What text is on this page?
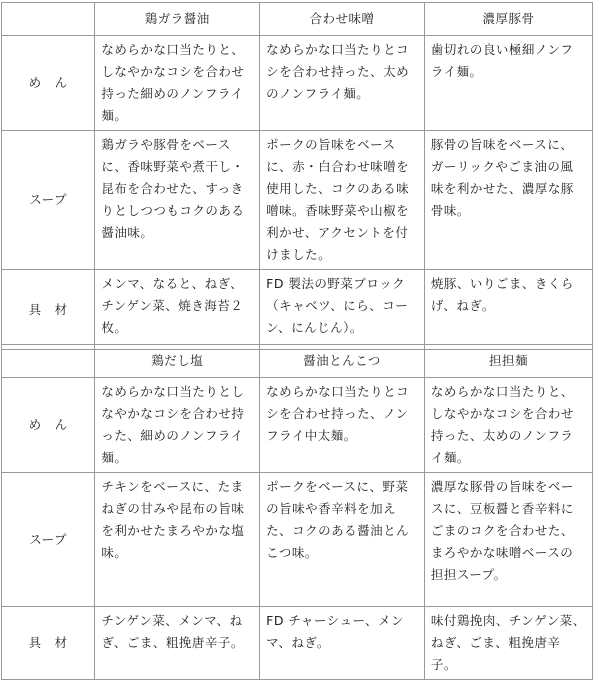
	鶏ガラ醤油	合わせ味噌	濃厚豚骨
め　ん	なめらかな口当たりと、しなやかなコシを合わせ持った細めのノンフライ麺。	なめらかな口当たりとコシを合わせ持った、太めのノンフライ麺。	歯切れの良い極細ノンフライ麺。
スープ	鶏ガラや豚骨をベースに、香味野菜や煮干し・昆布を合わせた、すっきりとしつつもコクのある醤油味。	ポークの旨味をベースに、赤・白合わせ味噌を使用した、コクのある味噌味。香味野菜や山椒を利かせ、アクセントを付けました。	豚骨の旨味をベースに、ガーリックやごま油の風味を利かせた、濃厚な豚骨味。
具　材	メンマ、なると、ねぎ、チンゲン菜、焼き海苔２枚。	FD 製法の野菜ブロック（キャベツ、にら、コーン、にんじん）。	焼豚、いりごま、きくらげ、ねぎ。
	鶏だし塩	醤油とんこつ	担担麺
め　ん	なめらかな口当たりとしなやかなコシを合わせ持った、細めのノンフライ麺。	なめらかな口当たりとコシを合わせ持った、ノンフライ中太麺。	なめらかな口当たりと、しなやかなコシを合わせ持った、太めのノンフライ麺。
スープ	チキンをベースに、たまねぎの甘みや昆布の旨味を利かせたまろやかな塩味。	ポークをベースに、野菜の旨味や香辛料を加えた、コクのある醤油とんこつ味。	濃厚な豚骨の旨味をベースに、豆板醤と香辛料にごまのコクを合わせた、まろやかな味噌ベースの担担スープ。
具　材	チンゲン菜、メンマ、ねぎ、ごま、粗挽唐辛子。	FD チャーシュー、メンマ、ねぎ。	味付鶏挽肉、チンゲン菜、ねぎ、ごま、粗挽唐辛子。
